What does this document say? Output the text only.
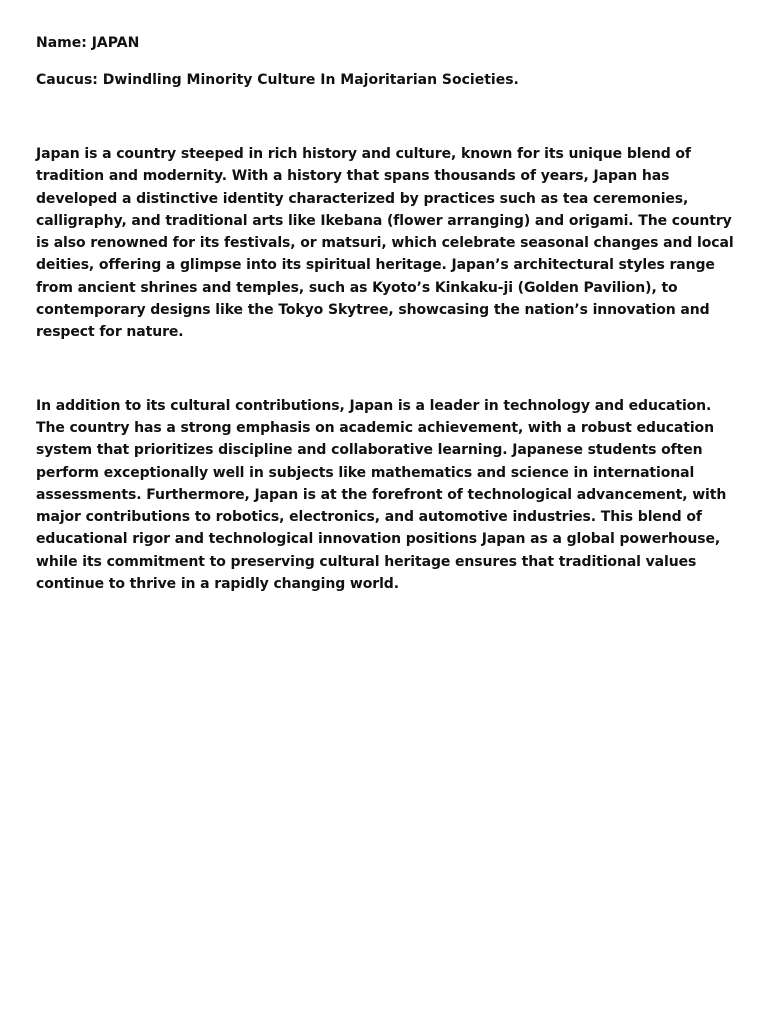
Name: JAPAN

Caucus: Dwindling Minority Culture In Majoritarian Societies.

Japan is a country steeped in rich history and culture, known for its unique blend of tradition and modernity. With a history that spans thousands of years, Japan has developed a distinctive identity characterized by practices such as tea ceremonies, calligraphy, and traditional arts like Ikebana (flower arranging) and origami. The country is also renowned for its festivals, or matsuri, which celebrate seasonal changes and local deities, offering a glimpse into its spiritual heritage. Japan’s architectural styles range from ancient shrines and temples, such as Kyoto’s Kinkaku-ji (Golden Pavilion), to contemporary designs like the Tokyo Skytree, showcasing the nation’s innovation and respect for nature.

In addition to its cultural contributions, Japan is a leader in technology and education. The country has a strong emphasis on academic achievement, with a robust education system that prioritizes discipline and collaborative learning. Japanese students often perform exceptionally well in subjects like mathematics and science in international assessments. Furthermore, Japan is at the forefront of technological advancement, with major contributions to robotics, electronics, and automotive industries. This blend of educational rigor and technological innovation positions Japan as a global powerhouse, while its commitment to preserving cultural heritage ensures that traditional values continue to thrive in a rapidly changing world.
